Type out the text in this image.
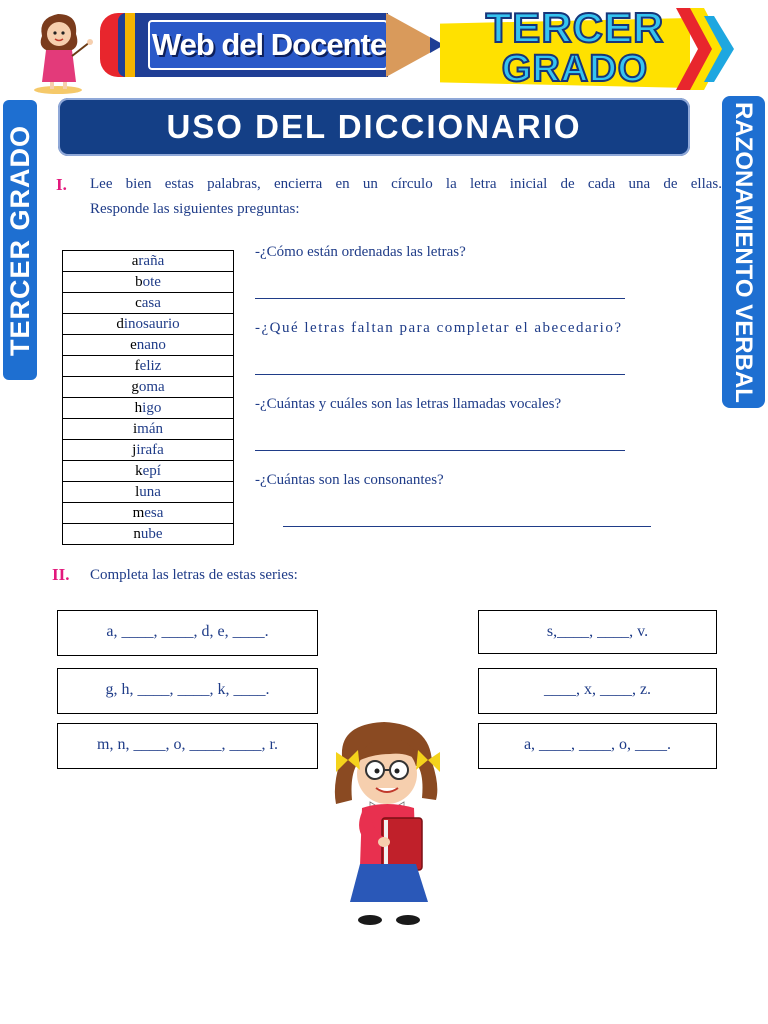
Web del Docente	TERCER
GRADO
USO DEL DICCIONARIO
TERCER GRADO	RAZONAMIENTO VERBAL
I. Lee bien estas palabras, encierra en un círculo la letra inicial de cada una de ellas.
Responde las siguientes preguntas:
araña
bote
casa
dinosaurio
enano
feliz
goma
higo
imán
jirafa
kepí
luna
mesa
nube
-¿Cómo están ordenadas las letras?
-¿Qué letras faltan para completar el abecedario?
-¿Cuántas y cuáles son las letras llamadas vocales?
-¿Cuántas son las consonantes?
II. Completa las letras de estas series:
a, ____, ____, d, e, ____.
g, h, ____, ____, k, ____.
m, n, ____, o, ____, ____, r.
s,____, ____, v.
____, x, ____, z.
a, ____, ____, o, ____.
